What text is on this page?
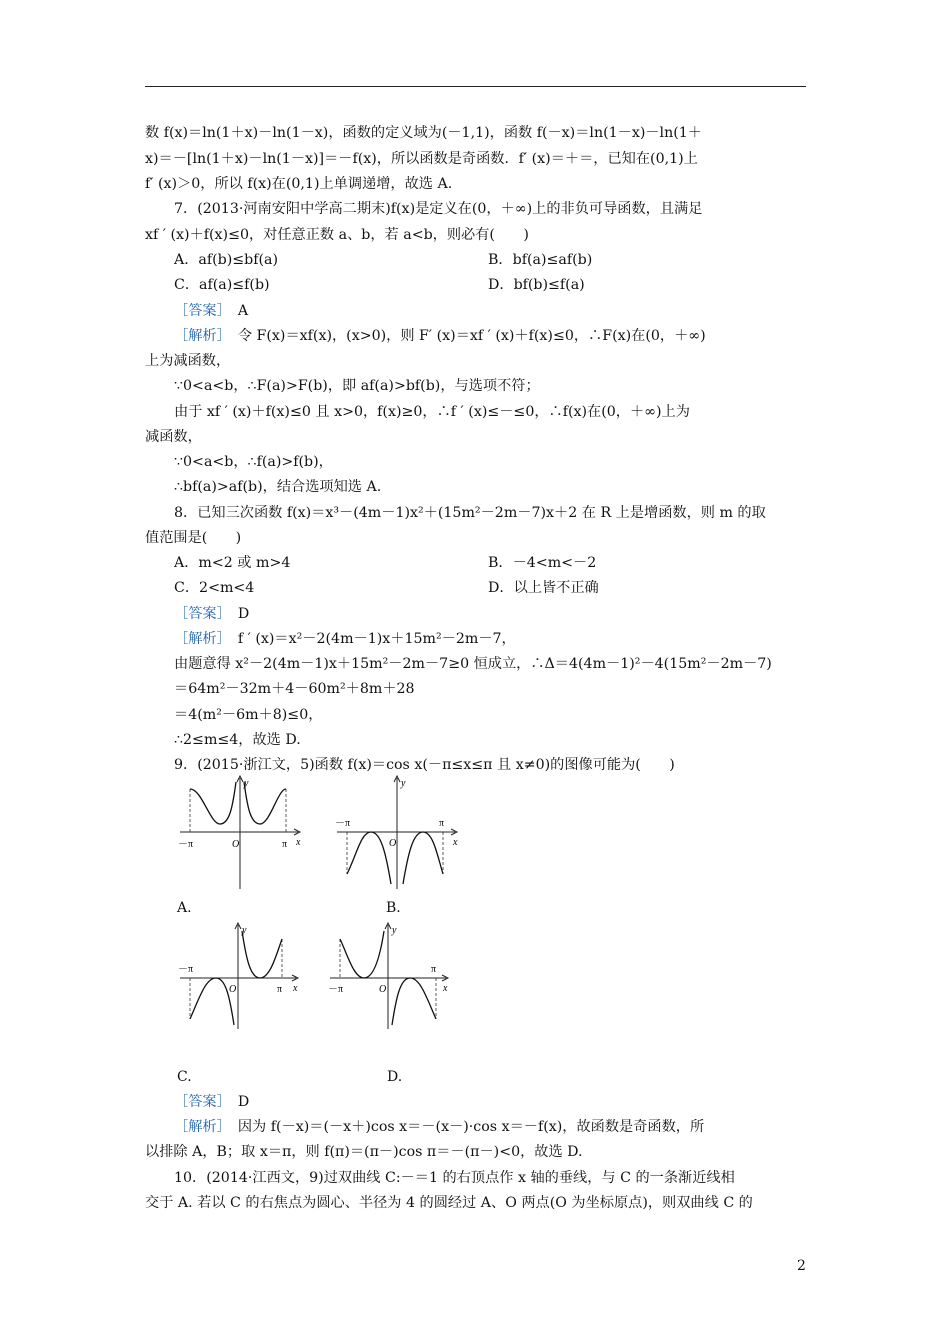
数 f(x)＝ln(1＋x)－ln(1－x)，函数的定义域为(－1,1)，函数 f(－x)＝ln(1－x)－ln(1＋
x)＝－[ln(1＋x)－ln(1－x)]＝－f(x)，所以函数是奇函数．f′ (x)＝＋＝，已知在(0,1)上
f′ (x)＞0，所以 f(x)在(0,1)上单调递增，故选 A.
7．(2013·河南安阳中学高二期末)f(x)是定义在(0，＋∞)上的非负可导函数，且满足
xf ′ (x)＋f(x)≤0，对任意正数 a、b，若 a<b，则必有(　　)
A．af(b)≤bf(a)	B．bf(a)≤af(b)
C．af(a)≤f(b)	D．bf(b)≤f(a)
［答案］　 A
［解析］　 令 F(x)＝xf(x)，(x>0)，则 F′ (x)＝xf ′ (x)＋f(x)≤0，∴F(x)在(0，＋∞)
上为减函数，
∵0<a<b，∴F(a)>F(b)，即 af(a)>bf(b)，与选项不符；
由于 xf ′ (x)＋f(x)≤0 且 x>0，f(x)≥0，∴f ′ (x)≤－≤0，∴f(x)在(0，＋∞)上为
减函数，
∵0<a<b，∴f(a)>f(b)，
∴bf(a)>af(b)，结合选项知选 A.
8．已知三次函数 f(x)＝x³－(4m－1)x²＋(15m²－2m－7)x＋2 在 R 上是增函数，则 m 的取
值范围是(　　)
A．m<2 或 m>4	B．－4<m<－2
C．2<m<4	D．以上皆不正确
［答案］　 D
［解析］　 f ′ (x)＝x²－2(4m－1)x＋15m²－2m－7，
由题意得 x²－2(4m－1)x＋15m²－2m－7≥0 恒成立，∴Δ＝4(4m－1)²－4(15m²－2m－7)
＝64m²－32m＋4－60m²＋8m＋28
＝4(m²－6m＋8)≤0，
∴2≤m≤4，故选 D.
9．(2015·浙江文，5)函数 f(x)＝cos x(－π≤x≤π 且 x≠0)的图像可能为(　　)
－π	π
O	x
y
A.
－π	π
O	x
y
B.
－π
π
O	x
y
C.
－π
π
O	x
y
D.
［答案］　 D
［解析］　 因为 f(－x)＝(－x＋)cos x＝－(x－)·cos x＝－f(x)，故函数是奇函数，所
以排除 A，B；取 x＝π，则 f(π)＝(π－)cos π＝－(π－)<0，故选 D.
10．(2014·江西文，9)过双曲线 C:－＝1 的右顶点作 x 轴的垂线，与 C 的一条渐近线相
交于 A. 若以 C 的右焦点为圆心、半径为 4 的圆经过 A、O 两点(O 为坐标原点)，则双曲线 C 的
2
